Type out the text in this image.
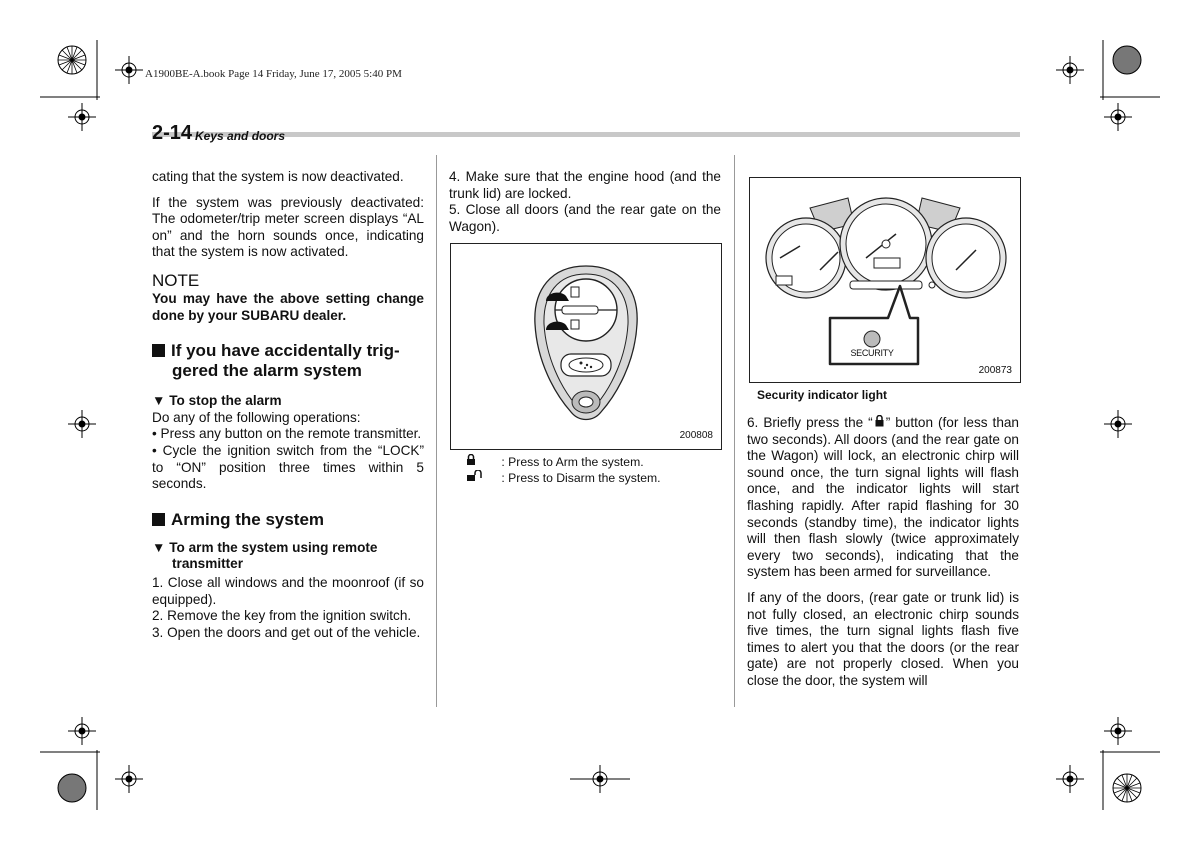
A1900BE-A.book Page 14 Friday, June 17, 2005 5:40 PM
2-14 Keys and doors

cating that the system is now deactivated.

If the system was previously deactivated: The odometer/trip meter screen displays “AL on” and the horn sounds once, indicating that the system is now activated.

NOTE

You may have the above setting change done by your SUBARU dealer.

If you have accidentally trig-
gered the alarm system
▼ To stop the alarm

Do any of the following operations:

• Press any button on the remote transmitter.

• Cycle the ignition switch from the “LOCK” to “ON” position three times within 5 seconds.

Arming the system
▼ To arm the system using remote
transmitter

1. Close all windows and the moonroof (if so equipped).

2. Remove the key from the ignition switch.

3. Open the doors and get out of the vehicle.

4. Make sure that the engine hood (and the trunk lid) are locked.

5. Close all doors (and the rear gate on the Wagon).

200808
: Press to Arm the system.
: Press to Disarm the system.
SECURITY
200873
Security indicator light

6. Briefly press the “ ” button (for less than two seconds). All doors (and the rear gate on the Wagon) will lock, an electronic chirp will sound once, the turn signal lights will flash once, and the indicator lights will start flashing rapidly. After rapid flashing for 30 seconds (standby time), the indicator lights will then flash slowly (twice approximately every two seconds), indicating that the system has been armed for surveillance.

If any of the doors, (rear gate or trunk lid) is not fully closed, an electronic chirp sounds five times, the turn signal lights flash five times to alert you that the doors (or the rear gate) are not properly closed. When you close the door, the system will
